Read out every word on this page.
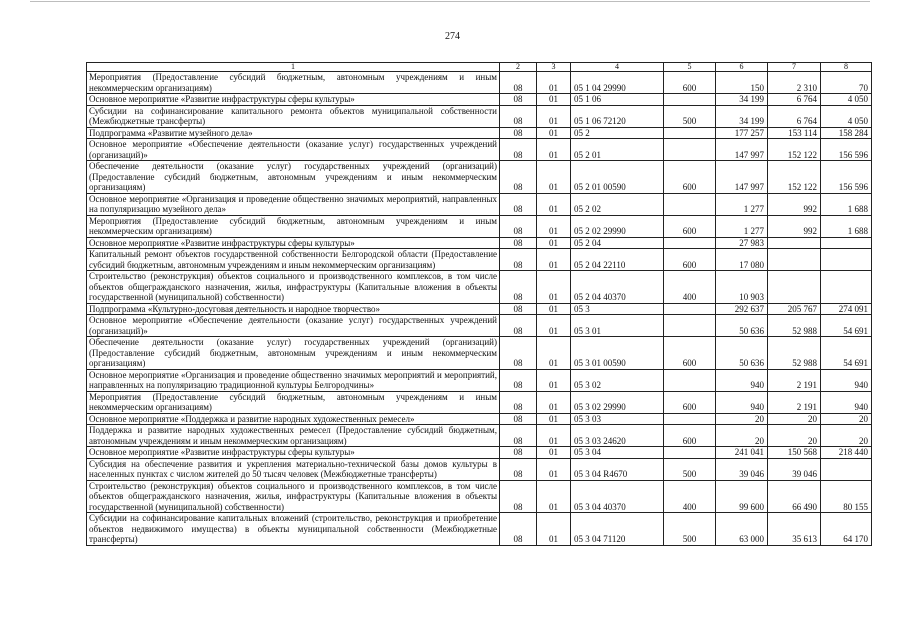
274
1	2	3	4	5	6	7	8
Мероприятия (Предоставление субсидий бюджетным, автономным учреждениям и иным некоммерческим организациям)	08	01	05 1 04 29990	600	150	2 310	70
Основное мероприятие «Развитие инфраструктуры сферы культуры»	08	01	05 1 06		34 199	6 764	4 050
Субсидии на софинансирование капитального ремонта объектов муниципальной собственности (Межбюджетные трансферты)	08	01	05 1 06 72120	500	34 199	6 764	4 050
Подпрограмма «Развитие музейного дела»	08	01	05 2		177 257	153 114	158 284
Основное мероприятие «Обеспечение деятельности (оказание услуг) государственных учреждений (организаций)»	08	01	05 2 01		147 997	152 122	156 596
Обеспечение деятельности (оказание услуг) государственных учреждений (организаций) (Предоставление субсидий бюджетным, автономным учреждениям и иным некоммерческим организациям)	08	01	05 2 01 00590	600	147 997	152 122	156 596
Основное мероприятие «Организация и проведение общественно значимых мероприятий, направленных на популяризацию музейного дела»	08	01	05 2 02		1 277	992	1 688
Мероприятия (Предоставление субсидий бюджетным, автономным учреждениям и иным некоммерческим организациям)	08	01	05 2 02 29990	600	1 277	992	1 688
Основное мероприятие «Развитие инфраструктуры сферы культуры»	08	01	05 2 04		27 983		
Капитальный ремонт объектов государственной собственности Белгородской области (Предоставление субсидий бюджетным, автономным учреждениям и иным некоммерческим организациям)	08	01	05 2 04 22110	600	17 080		
Строительство (реконструкция) объектов социального и производственного комплексов, в том числе объектов общегражданского назначения, жилья, инфраструктуры (Капитальные вложения в объекты государственной (муниципальной) собственности)	08	01	05 2 04 40370	400	10 903		
Подпрограмма «Культурно-досуговая деятельность и народное творчество»	08	01	05 3		292 637	205 767	274 091
Основное мероприятие «Обеспечение деятельности (оказание услуг) государственных учреждений (организаций)»	08	01	05 3 01		50 636	52 988	54 691
Обеспечение деятельности (оказание услуг) государственных учреждений (организаций) (Предоставление субсидий бюджетным, автономным учреждениям и иным некоммерческим организациям)	08	01	05 3 01 00590	600	50 636	52 988	54 691
Основное мероприятие «Организация и проведение общественно значимых мероприятий и мероприятий, направленных на популяризацию традиционной культуры Белгородчины»	08	01	05 3 02		940	2 191	940
Мероприятия (Предоставление субсидий бюджетным, автономным учреждениям и иным некоммерческим организациям)	08	01	05 3 02 29990	600	940	2 191	940
Основное мероприятие «Поддержка и развитие народных художественных ремесел»	08	01	05 3 03		20	20	20
Поддержка и развитие народных художественных ремесел (Предоставление субсидий бюджетным, автономным учреждениям и иным некоммерческим организациям)	08	01	05 3 03 24620	600	20	20	20
Основное мероприятие «Развитие инфраструктуры сферы культуры»	08	01	05 3 04		241 041	150 568	218 440
Субсидия на обеспечение развития и укрепления материально-технической базы домов культуры в населенных пунктах с числом жителей до 50 тысяч человек (Межбюджетные трансферты)	08	01	05 3 04 R4670	500	39 046	39 046	
Строительство (реконструкция) объектов социального и производственного комплексов, в том числе объектов общегражданского назначения, жилья, инфраструктуры (Капитальные вложения в объекты государственной (муниципальной) собственности)	08	01	05 3 04 40370	400	99 600	66 490	80 155
Субсидии на софинансирование капитальных вложений (строительство, реконструкция и приобретение объектов недвижимого имущества) в объекты муниципальной собственности (Межбюджетные трансферты)	08	01	05 3 04 71120	500	63 000	35 613	64 170
